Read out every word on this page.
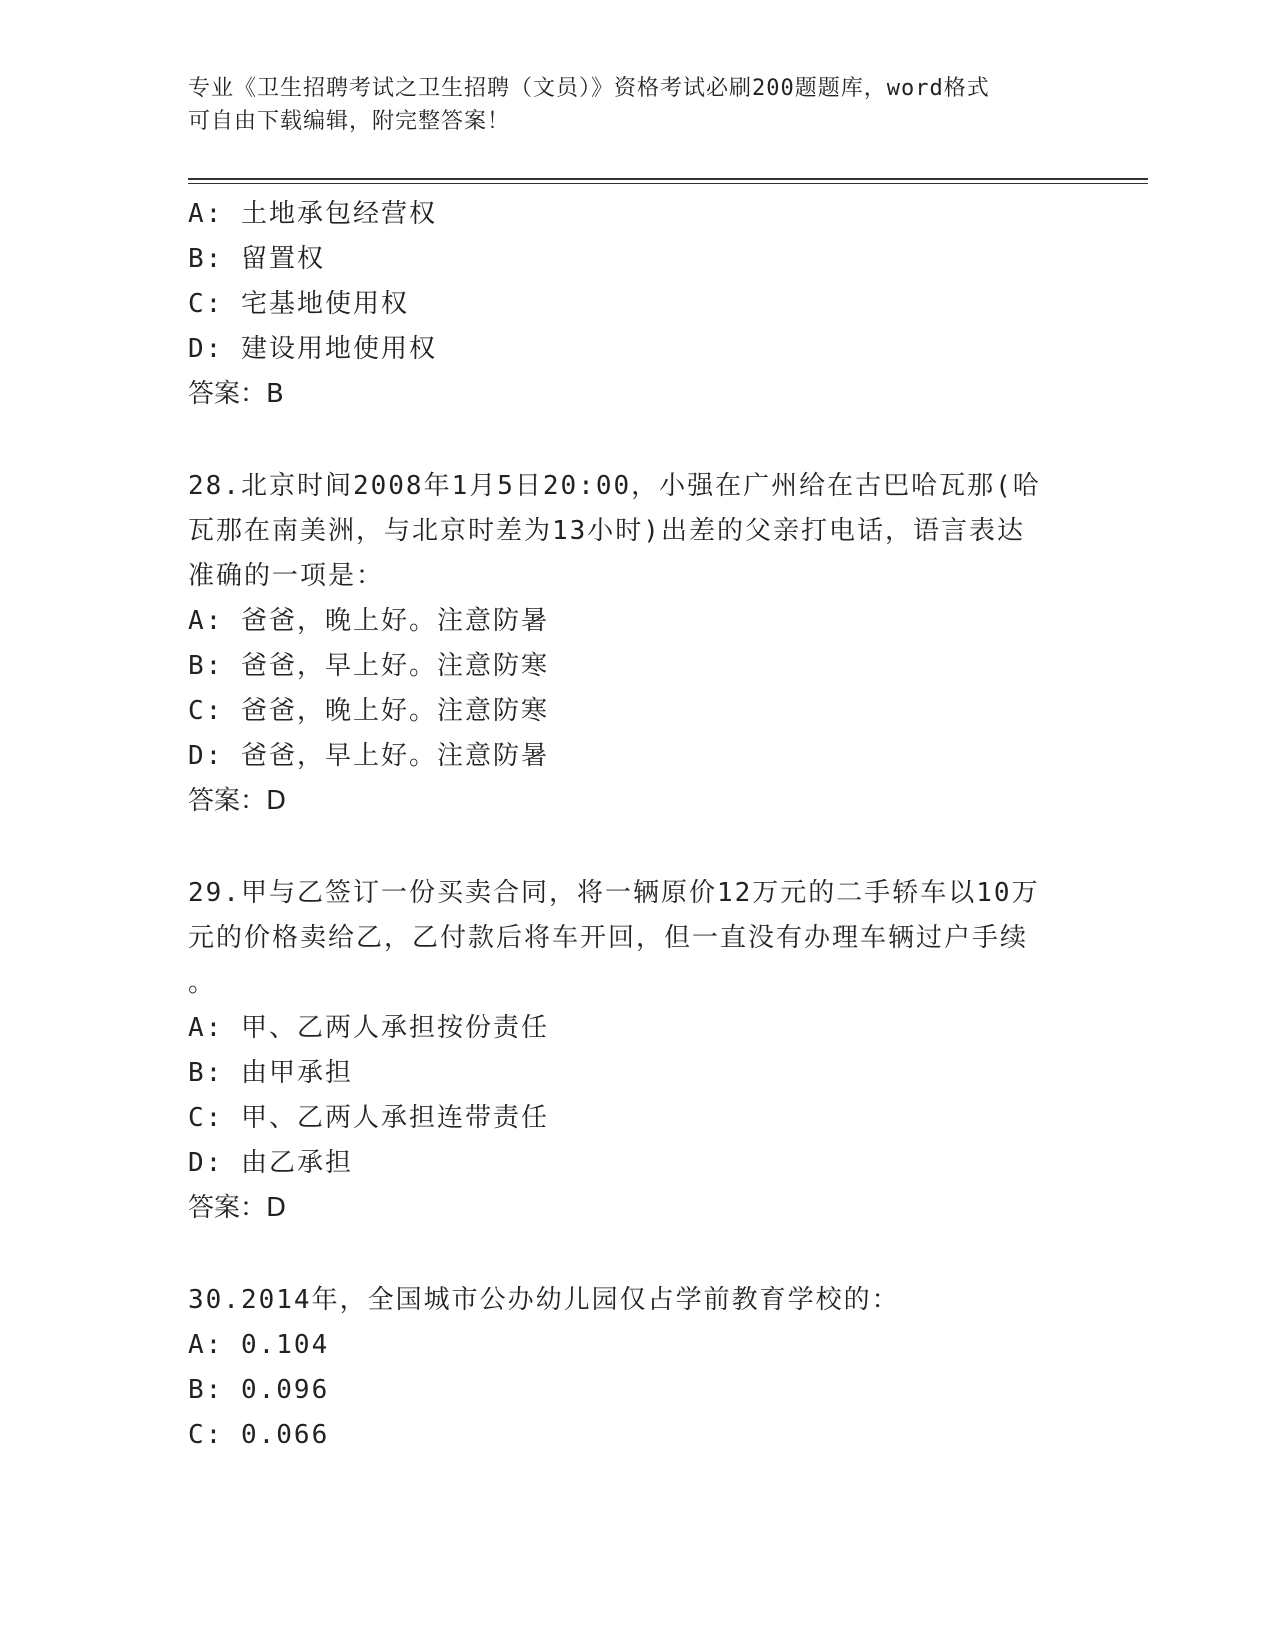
专业《卫生招聘考试之卫生招聘（文员）》资格考试必刷200题题库，word格式
可自由下载编辑，附完整答案！
A: 土地承包经营权
B: 留置权
C: 宅基地使用权
D: 建设用地使用权
答案：B
28.北京时间2008年1月5日20:00，小强在广州给在古巴哈瓦那(哈
瓦那在南美洲，与北京时差为13小时)出差的父亲打电话，语言表达
准确的一项是：
A: 爸爸，晚上好。注意防暑
B: 爸爸，早上好。注意防寒
C: 爸爸，晚上好。注意防寒
D: 爸爸，早上好。注意防暑
答案：D
29.甲与乙签订一份买卖合同，将一辆原价12万元的二手轿车以10万
元的价格卖给乙，乙付款后将车开回，但一直没有办理车辆过户手续
。
A: 甲、乙两人承担按份责任
B: 由甲承担
C: 甲、乙两人承担连带责任
D: 由乙承担
答案：D
30.2014年，全国城市公办幼儿园仅占学前教育学校的：
A: 0.104
B: 0.096
C: 0.066
